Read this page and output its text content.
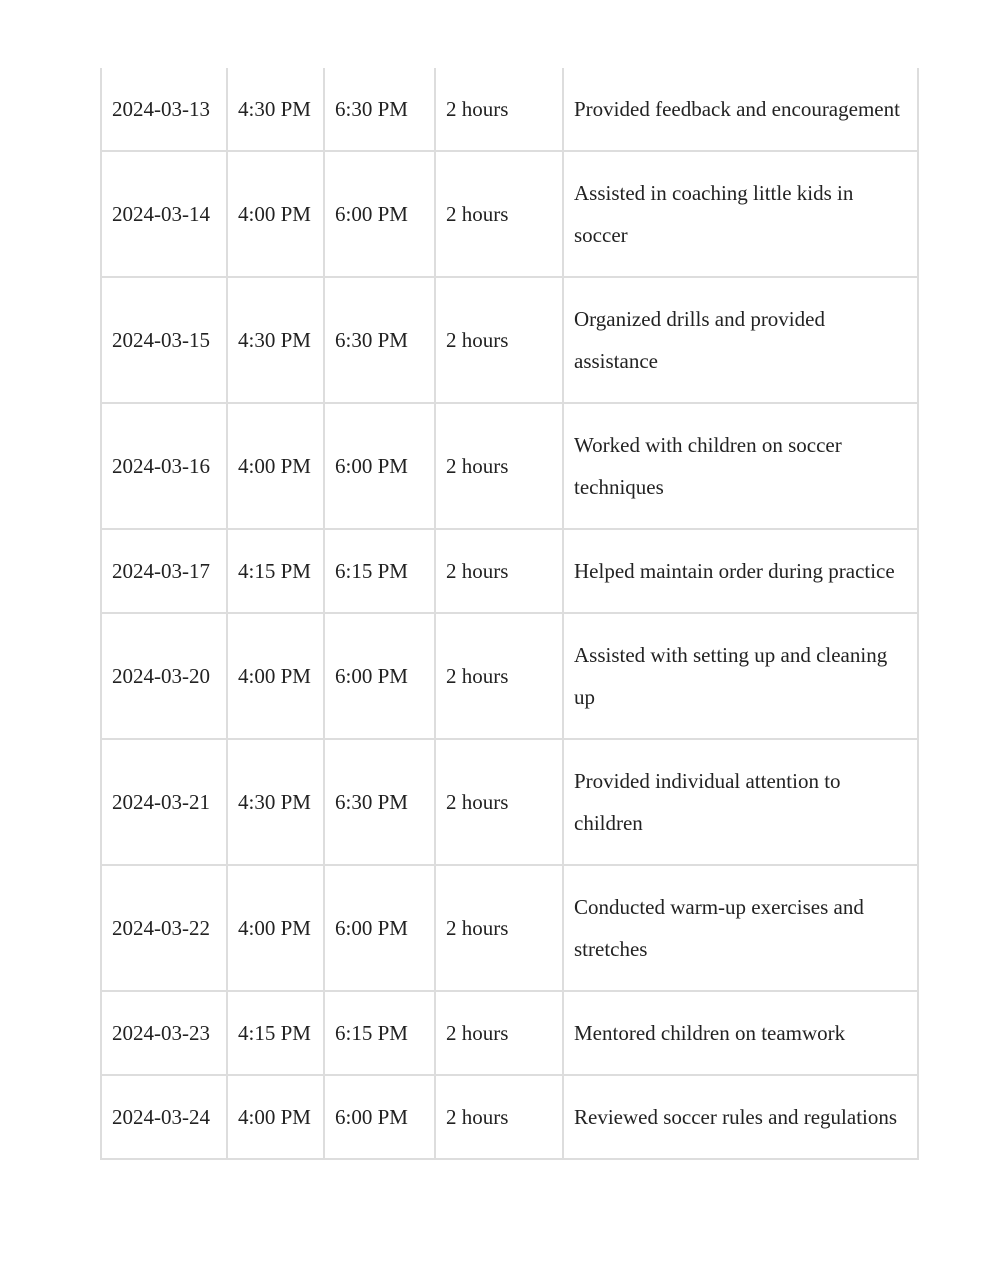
2024-03-13	4:30 PM	6:30 PM	2 hours	Provided feedback and encouragement
2024-03-14	4:00 PM	6:00 PM	2 hours	Assisted in coaching little kids in soccer
2024-03-15	4:30 PM	6:30 PM	2 hours	Organized drills and provided assistance
2024-03-16	4:00 PM	6:00 PM	2 hours	Worked with children on soccer techniques
2024-03-17	4:15 PM	6:15 PM	2 hours	Helped maintain order during practice
2024-03-20	4:00 PM	6:00 PM	2 hours	Assisted with setting up and cleaning up
2024-03-21	4:30 PM	6:30 PM	2 hours	Provided individual attention to children
2024-03-22	4:00 PM	6:00 PM	2 hours	Conducted warm-up exercises and stretches
2024-03-23	4:15 PM	6:15 PM	2 hours	Mentored children on teamwork
2024-03-24	4:00 PM	6:00 PM	2 hours	Reviewed soccer rules and regulations
